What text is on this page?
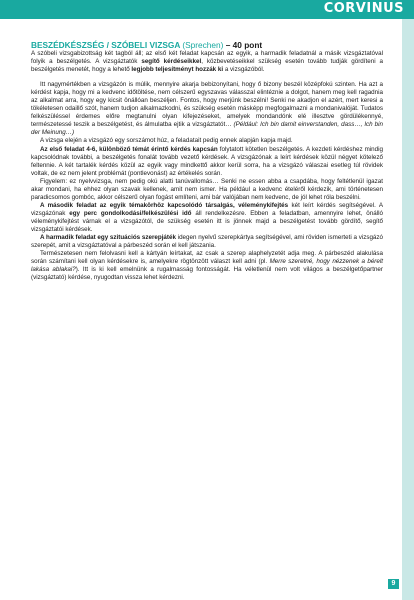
CORVINUS
BESZÉDKÉSZSÉG / SZÓBELI VIZSGA (Sprechen) – 40 pont

A szóbeli vizsgabizottság két tagból áll; az első két feladat kapcsán az egyik, a harmadik feladatnál a másik vizsgáztatóval folyik a beszélgetés. A vizsgáztatók segítő kérdéseikkel, közbevetéseikkel szükség esetén tovább tudják gördíteni a beszélgetés menetét, hogy a lehető legjobb teljesítményt hozzák ki a vizsgázóból.

Itt nagymértékben a vizsgázón is múlik, mennyire akarja bebizonyítani, hogy ő bizony beszél középfokú szinten. Ha azt a kérdést kapja, hogy mi a kedvenc időtöltése, nem célszerű egyszavas válasszal elintéznie a dolgot, hanem meg kell ragadnia az alkalmat arra, hogy egy kicsit önállóan beszéljen. Fontos, hogy merjünk beszélni! Senki ne akadjon el azért, mert keresi a tökéletesen odaillő szót, hanem tudjon alkalmazkodni, és szükség esetén másképp megfogalmazni a mondanivalóját. Tudatos felkészüléssel érdemes előre megtanulni olyan kifejezéseket, amelyek mondandónk elé illesztve gördülékennyé, természetessé teszik a beszélgetést, és álmulatba ejtik a vizsgáztatót… (Például: Ich bin damit einverstanden, dass…, Ich bin der Meinung…)

A vizsga elején a vizsgázó egy sorszámot húz, a feladatait pedig ennek alapján kapja majd.

Az első feladat 4-6, különböző témát érintő kérdés kapcsán folytatott kötetlen beszélgetés. A kezdeti kérdéshez mindig kapcsolódnak további, a beszélgetés fonalát tovább vezető kérdések. A vizsgázónak a leírt kérdések közül négyet kötelező feltennie. A két tartalék kérdés közül az egyik vagy mindkettő akkor kerül sorra, ha a vizsgázó válaszai esetleg túl rövidek voltak, de ez nem jelent problémát (pontlevonást) az értékelés során.

Figyelem: ez nyelvvizsga, nem pedig okú alatti tanúvallomás… Senki ne essen abba a csapdába, hogy feltétlenül igazat akar mondani, ha ehhez olyan szavak kellenek, amit nem ismer. Ha például a kedvenc ételéről kérdezik, ami történetesen paradicsomos gombóc, akkor célszerű olyan fogást említeni, ami bár valójában nem kedvenc, de jól lehet róla beszélni.

A második feladat az egyik témakörhöz kapcsolódó társalgás, véleménykifejtés két leírt kérdés segítségével. A vizsgázónak egy perc gondolkodási/felkészülési idő áll rendelkezésre. Ebben a feladatban, amennyire lehet, önálló véleménykifejtést várnak el a vizsgázótól, de szükség esetén itt is jönnek majd a beszélgetést tovább gördítő, segítő vizsgáztatói kérdések.

A harmadik feladat egy szituációs szerepjáték idegen nyelvű szerepkártya segítségével, ami röviden ismerteti a vizsgázó szerepét, amit a vizsgáztatóval a párbeszéd során el kell játszania.

Természetesen nem felolvasni kell a kártyán leírtakat, az csak a szerep alaphelyzetét adja meg. A párbeszéd alakulása során számítani kell olyan kérdésekre is, amelyekre rögtönzött választ kell adni (pl. Merre szeretné, hogy nézzenek a bérelt lakása ablakai?). Itt is ki kell emelnünk a rugalmasság fontosságát. Ha véletlenül nem volt világos a beszélgetőpartner (vizsgáztató) kérdése, nyugodtan vissza lehet kérdezni.

9
